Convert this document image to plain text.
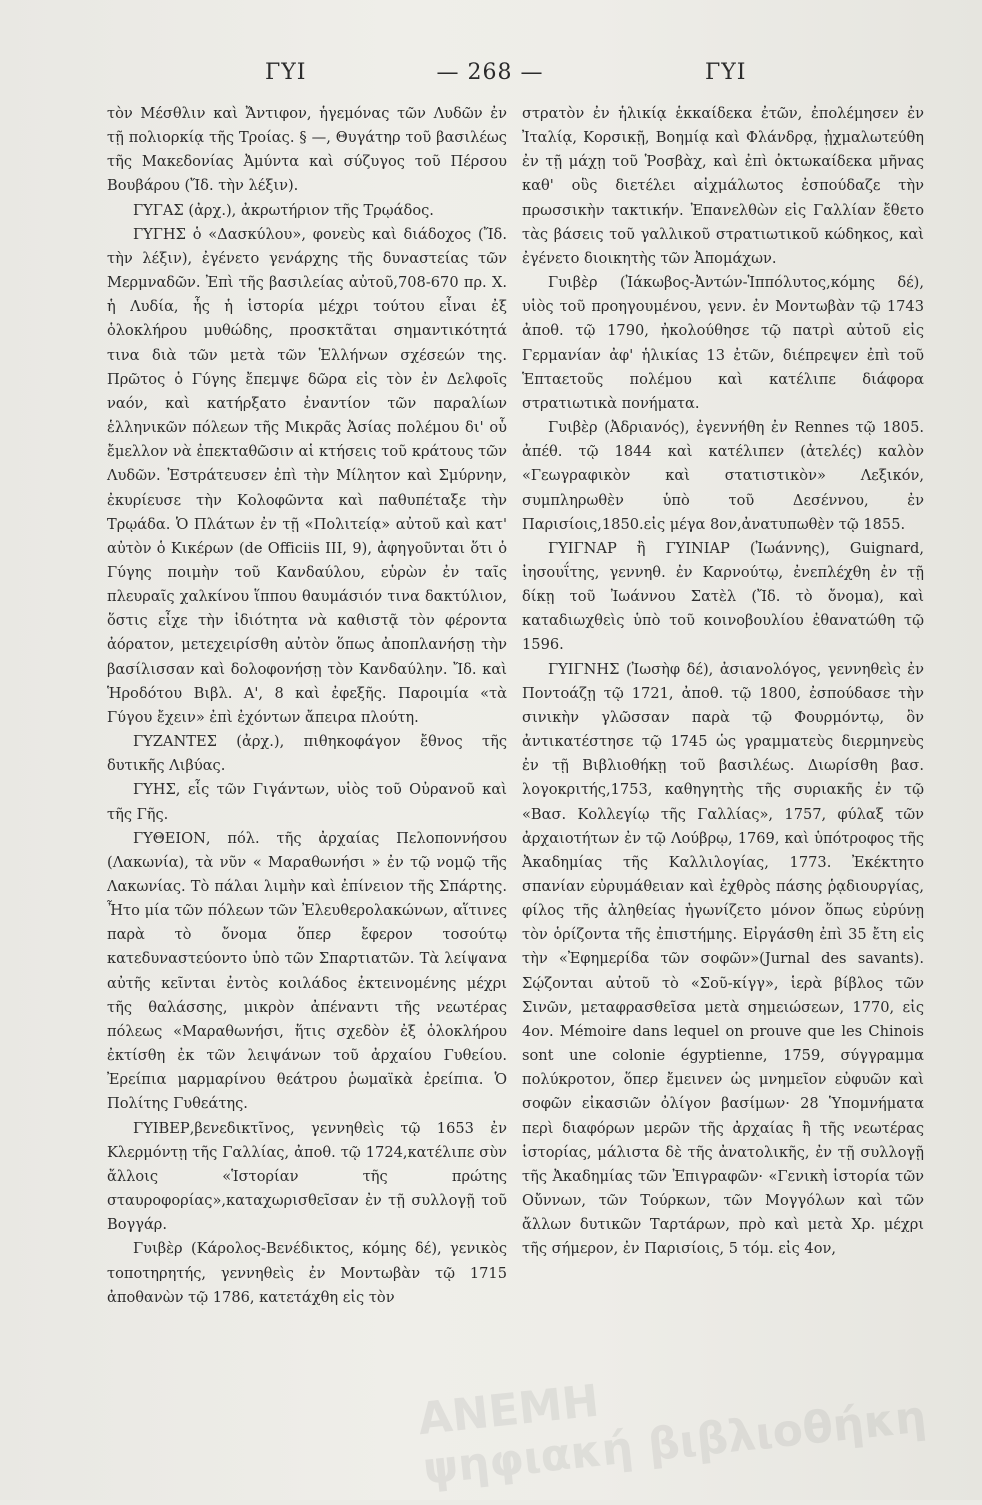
ΓΥΙ	— 268 —	ΓΥΙ

τὸν Μέσθλιν καὶ Ἄντιφον, ἡγεμόνας τῶν Λυδῶν ἐν τῇ πολιορκίᾳ τῆς Τροίας. § —, Θυγάτηρ τοῦ βασιλέως τῆς Μακεδονίας Ἀμύντα καὶ σύζυγος τοῦ Πέρσου Βουβάρου (Ἴδ. τὴν λέξιν).

ΓΥΓΑΣ (ἀρχ.), ἀκρωτήριον τῆς Τρῳάδος.

ΓΥΓΗΣ ὁ «Δασκύλου», φονεὺς καὶ διάδοχος (Ἴδ. τὴν λέξιν), ἐγένετο γενάρχης τῆς δυναστείας τῶν Μερμναδῶν. Ἐπὶ τῆς βασιλείας αὐτοῦ,708-670 πρ. Χ. ἡ Λυδία, ἧς ἡ ἱστορία μέχρι τούτου εἶναι ἐξ ὁλοκλήρου μυθώδης, προσκτᾶται σημαντικότητά τινα διὰ τῶν μετὰ τῶν Ἑλλήνων σχέσεών της. Πρῶτος ὁ Γύγης ἔπεμψε δῶρα εἰς τὸν ἐν Δελφοῖς ναόν, καὶ κατήρξατο ἐναντίον τῶν παραλίων ἑλληνικῶν πόλεων τῆς Μικρᾶς Ἀσίας πολέμου δι' οὗ ἔμελλον νὰ ἐπεκταθῶσιν αἱ κτήσεις τοῦ κράτους τῶν Λυδῶν. Ἐστράτευσεν ἐπὶ τὴν Μίλητον καὶ Σμύρνην, ἐκυρίευσε τὴν Κολοφῶντα καὶ παθυπέταξε τὴν Τρῳάδα. Ὁ Πλάτων ἐν τῇ «Πολιτείᾳ» αὐτοῦ καὶ κατ' αὐτὸν ὁ Κικέρων (de Officiis III, 9), ἀφηγοῦνται ὅτι ὁ Γύγης ποιμὴν τοῦ Κανδαύλου, εὑρὼν ἐν ταῖς πλευραῖς χαλκίνου ἵππου θαυμάσιόν τινα δακτύλιον, ὅστις εἶχε τὴν ἰδιότητα νὰ καθιστᾷ τὸν φέροντα ἀόρατον, μετεχειρίσθη αὐτὸν ὅπως ἀποπλανήσῃ τὴν βασίλισσαν καὶ δολοφονήσῃ τὸν Κανδαύλην. Ἴδ. καὶ Ἡροδότου Βιβλ. Α', 8 καὶ ἐφεξῆς. Παροιμία «τὰ Γύγου ἔχειν» ἐπὶ ἐχόντων ἄπειρα πλούτη.

ΓΥΖΑΝΤΕΣ (ἀρχ.), πιθηκοφάγον ἔθνος τῆς δυτικῆς Λιβύας.

ΓΥΗΣ, εἷς τῶν Γιγάντων, υἱὸς τοῦ Οὐρανοῦ καὶ τῆς Γῆς.

ΓΥΘΕΙΟΝ, πόλ. τῆς ἀρχαίας Πελοποννήσου (Λακωνία), τὰ νῦν « Μαραθωνήσι » ἐν τῷ νομῷ τῆς Λακωνίας. Τὸ πάλαι λιμὴν καὶ ἐπίνειον τῆς Σπάρτης. Ἦτο μία τῶν πόλεων τῶν Ἐλευθερολακώνων, αἵτινες παρὰ τὸ ὄνομα ὅπερ ἔφερον τοσούτῳ κατεδυναστεύοντο ὑπὸ τῶν Σπαρτιατῶν. Τὰ λείψανα αὐτῆς κεῖνται ἐντὸς κοιλάδος ἐκτεινομένης μέχρι τῆς θαλάσσης, μικρὸν ἀπέναντι τῆς νεωτέρας πόλεως «Μαραθωνήσι, ἥτις σχεδὸν ἐξ ὁλοκλήρου ἐκτίσθη ἐκ τῶν λειψάνων τοῦ ἀρχαίου Γυθείου. Ἐρείπια μαρμαρίνου θεάτρου ῥωμαϊκὰ ἐρείπια. Ὁ Πολίτης Γυθεάτης.

ΓΥΙΒΕΡ,βενεδικτῖνος, γεννηθεὶς τῷ 1653 ἐν Κλερμόντῃ τῆς Γαλλίας, ἀποθ. τῷ 1724,κατέλιπε σὺν ἄλλοις «Ἱστορίαν τῆς πρώτης σταυροφορίας»,καταχωρισθεῖσαν ἐν τῇ συλλογῇ τοῦ Βογγάρ.

Γυιβὲρ (Κάρολος-Βενέδικτος, κόμης δέ), γενικὸς τοποτηρητής, γεννηθεὶς ἐν Μοντωβὰν τῷ 1715 ἀποθανὼν τῷ 1786, κατετάχθη εἰς τὸν

στρατὸν ἐν ἡλικίᾳ ἑκκαίδεκα ἐτῶν, ἐπολέμησεν ἐν Ἰταλίᾳ, Κορσικῇ, Βοημίᾳ καὶ Φλάνδρᾳ, ᾐχμαλωτεύθη ἐν τῇ μάχῃ τοῦ Ῥοσβὰχ, καὶ ἐπὶ ὀκτωκαίδεκα μῆνας καθ' οὓς διετέλει αἰχμάλωτος ἐσπούδαζε τὴν πρωσσικὴν τακτικήν. Ἐπανελθὼν εἰς Γαλλίαν ἔθετο τὰς βάσεις τοῦ γαλλικοῦ στρατιωτικοῦ κώδηκος, καὶ ἐγένετο διοικητὴς τῶν Ἀπομάχων.

Γυιβὲρ (Ἰάκωβος-Ἀντών-Ἱππόλυτος,κόμης δέ), υἱὸς τοῦ προηγουμένου, γενν. ἐν Μοντωβὰν τῷ 1743 ἀποθ. τῷ 1790, ἠκολούθησε τῷ πατρὶ αὐτοῦ εἰς Γερμανίαν ἀφ' ἡλικίας 13 ἐτῶν, διέπρεψεν ἐπὶ τοῦ Ἑπταετοῦς πολέμου καὶ κατέλιπε διάφορα στρατιωτικὰ πονήματα.

Γυιβὲρ (Ἀδριανός), ἐγεννήθη ἐν Rennes τῷ 1805. ἀπέθ. τῷ 1844 καὶ κατέλιπεν (ἀτελές) καλὸν «Γεωγραφικὸν καὶ στατιστικὸν» Λεξικόν, συμπληρωθὲν ὑπὸ τοῦ Δεσέννου, ἐν Παρισίοις,1850.εἰς μέγα 8ον,ἀνατυπωθὲν τῷ 1855.

ΓΥΙΓΝΑΡ ἢ ΓΥΙΝΙΑΡ (Ἰωάννης), Guignard, ἰησουΐτης, γεννηθ. ἐν Καρνούτῳ, ἐνεπλέχθη ἐν τῇ δίκῃ τοῦ Ἰωάννου Σατὲλ (Ἴδ. τὸ ὄνομα), καὶ καταδιωχθεὶς ὑπὸ τοῦ κοινοβουλίου ἐθανατώθη τῷ 1596.

ΓΥΙΓΝΗΣ (Ἰωσὴφ δέ), ἀσιανολόγος, γεννηθεὶς ἐν Ποντοάζῃ τῷ 1721, ἀποθ. τῷ 1800, ἐσπούδασε τὴν σινικὴν γλῶσσαν παρὰ τῷ Φουρμόντῳ, ὃν ἀντικατέστησε τῷ 1745 ὡς γραμματεὺς διερμηνεὺς ἐν τῇ Βιβλιοθήκῃ τοῦ βασιλέως. Διωρίσθη βασ. λογοκριτής,1753, καθηγητὴς τῆς συριακῆς ἐν τῷ «Βασ. Κολλεγίῳ τῆς Γαλλίας», 1757, φύλαξ τῶν ἀρχαιοτήτων ἐν τῷ Λούβρῳ, 1769, καὶ ὑπότροφος τῆς Ἀκαδημίας τῆς Καλλιλογίας, 1773. Ἐκέκτητο σπανίαν εὐρυμάθειαν καὶ ἐχθρὸς πάσης ῥᾳδιουργίας, φίλος τῆς ἀληθείας ἠγωνίζετο μόνον ὅπως εὐρύνῃ τὸν ὁρίζοντα τῆς ἐπιστήμης. Εἰργάσθη ἐπὶ 35 ἔτη εἰς τὴν «Ἐφημερίδα τῶν σοφῶν»(Jurnal des savants). Σῴζονται αὐτοῦ τὸ «Σοῦ-κίγγ», ἱερὰ βίβλος τῶν Σινῶν, μεταφρασθεῖσα μετὰ σημειώσεων, 1770, εἰς 4ον. Mémoire dans lequel on prouve que les Chinois sont une colonie égyptienne, 1759, σύγγραμμα πολύκροτον, ὅπερ ἔμεινεν ὡς μνημεῖον εὐφυῶν καὶ σοφῶν εἰκασιῶν ὀλίγον βασίμων· 28 Ὑπομνήματα περὶ διαφόρων μερῶν τῆς ἀρχαίας ἢ τῆς νεωτέρας ἱστορίας, μάλιστα δὲ τῆς ἀνατολικῆς, ἐν τῇ συλλογῇ τῆς Ἀκαδημίας τῶν Ἐπιγραφῶν· «Γενικὴ ἱστορία τῶν Οὔννων, τῶν Τούρκων, τῶν Μογγόλων καὶ τῶν ἄλλων δυτικῶν Ταρτάρων, πρὸ καὶ μετὰ Χρ. μέχρι τῆς σήμερον, ἐν Παρισίοις, 5 τόμ. εἰς 4ον,

ΑΝΕΜΗ
ψηφιακή βιβλιοθήκη
